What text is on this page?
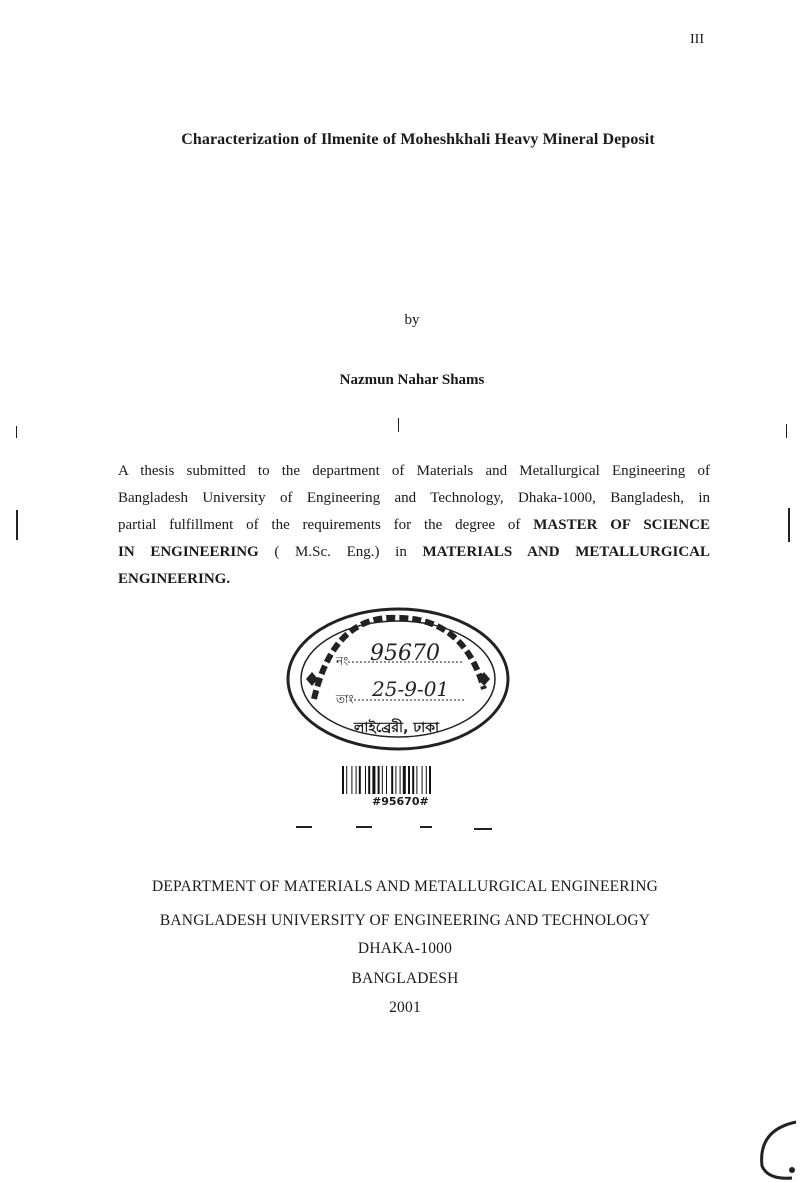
III
Characterization of Ilmenite of Moheshkhali Heavy Mineral Deposit
by
Nazmun Nahar Shams
A thesis submitted to the department of Materials and Metallurgical Engineering of
Bangladesh University of Engineering and Technology, Dhaka-1000, Bangladesh, in
partial fulfillment of the requirements for the degree of MASTER OF SCIENCE
IN ENGINEERING ( M.Sc. Eng.) in MATERIALS AND METALLURGICAL
ENGINEERING.
নং 95670
তাং 25-9-01
লাইব্রেরী, ঢাকা
#95670#
DEPARTMENT OF MATERIALS AND METALLURGICAL ENGINEERING
BANGLADESH UNIVERSITY OF ENGINEERING AND TECHNOLOGY
DHAKA-1000
BANGLADESH
2001
